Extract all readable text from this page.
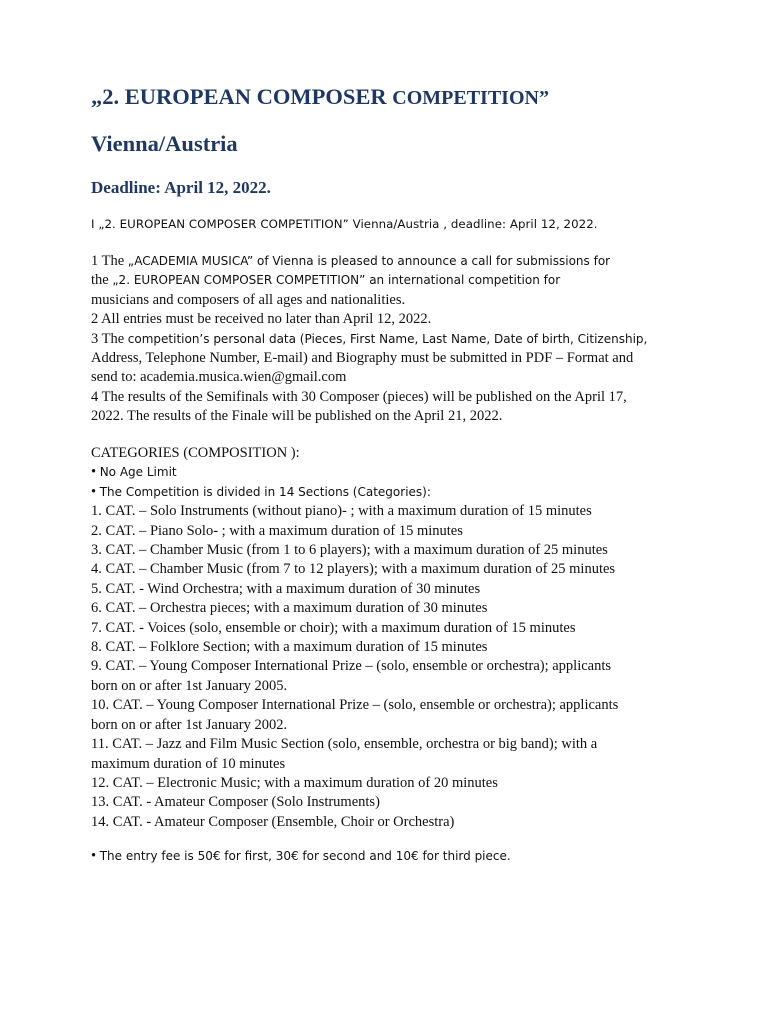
„2. EUROPEAN COMPOSER COMPETITION”
Vienna/Austria
Deadline: April 12, 2022.

I „2. EUROPEAN COMPOSER COMPETITION” Vienna/Austria , deadline: April 12, 2022.

1 The „ACADEMIA MUSICA” of Vienna is pleased to announce a call for submissions for
the „2. EUROPEAN COMPOSER COMPETITION” an international competition for
musicians and composers of all ages and nationalities.
2 All entries must be received no later than April 12, 2022.
3 The competition’s personal data (Pieces, First Name, Last Name, Date of birth, Citizenship,
Address, Telephone Number, E-mail) and Biography must be submitted in PDF – Format and
send to: academia.musica.wien@gmail.com
4 The results of the Semifinals with 30 Composer (pieces) will be published on the April 17,
2022. The results of the Finale will be published on the April 21, 2022.
CATEGORIES (COMPOSITION ):
• No Age Limit
• The Competition is divided in 14 Sections (Categories):
1. CAT. – Solo Instruments (without piano)- ; with a maximum duration of 15 minutes
2. CAT. – Piano Solo- ; with a maximum duration of 15 minutes
3. CAT. – Chamber Music (from 1 to 6 players); with a maximum duration of 25 minutes
4. CAT. – Chamber Music (from 7 to 12 players); with a maximum duration of 25 minutes
5. CAT. - Wind Orchestra; with a maximum duration of 30 minutes
6. CAT. – Orchestra pieces; with a maximum duration of 30 minutes
7. CAT. - Voices (solo, ensemble or choir); with a maximum duration of 15 minutes
8. CAT. – Folklore Section; with a maximum duration of 15 minutes
9. CAT. – Young Composer International Prize – (solo, ensemble or orchestra); applicants
born on or after 1st January 2005.
10. CAT. – Young Composer International Prize – (solo, ensemble or orchestra); applicants
born on or after 1st January 2002.
11. CAT. – Jazz and Film Music Section (solo, ensemble, orchestra or big band); with a
maximum duration of 10 minutes
12. CAT. – Electronic Music; with a maximum duration of 20 minutes
13. CAT. - Amateur Composer (Solo Instruments)
14. CAT. - Amateur Composer (Ensemble, Choir or Orchestra)

• The entry fee is 50€ for first, 30€ for second and 10€ for third piece.
